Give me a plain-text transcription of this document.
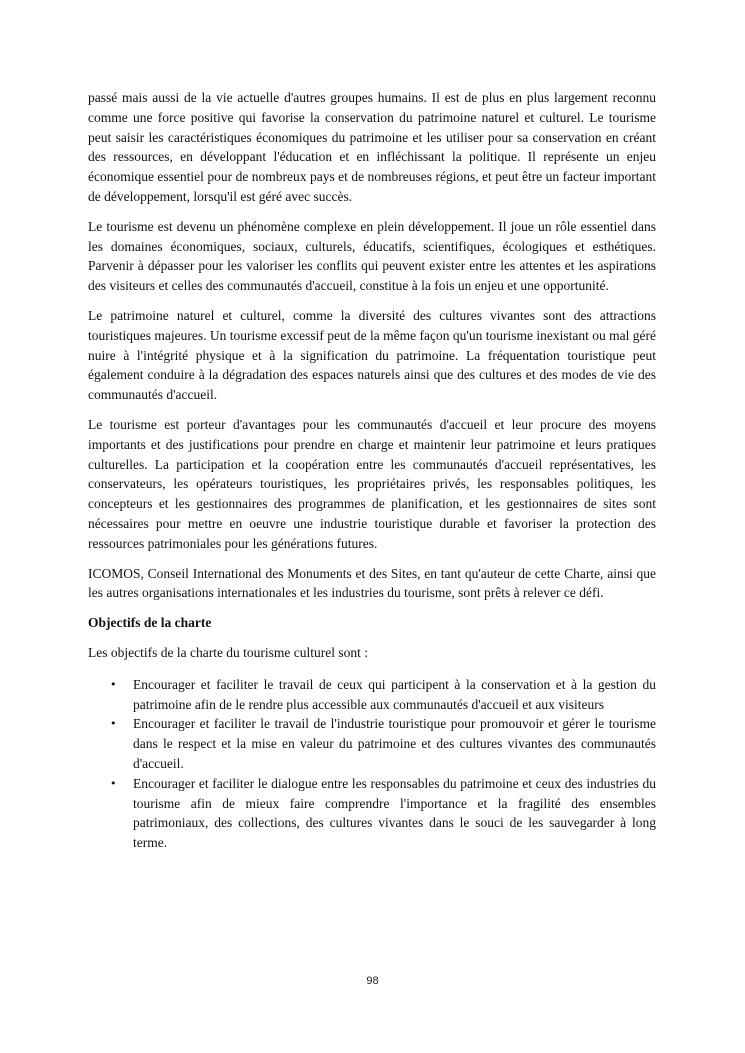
passé mais aussi de la vie actuelle d'autres groupes humains. Il est de plus en plus largement reconnu comme une force positive qui favorise la conservation du patrimoine naturel et culturel. Le tourisme peut saisir les caractéristiques économiques du patrimoine et les utiliser pour sa conservation en créant des ressources, en développant l'éducation et en infléchissant la politique. Il représente un enjeu économique essentiel pour de nombreux pays et de nombreuses régions, et peut être un facteur important de développement, lorsqu'il est géré avec succès.

Le tourisme est devenu un phénomène complexe en plein développement. Il joue un rôle essentiel dans les domaines économiques, sociaux, culturels, éducatifs, scientifiques, écologiques et esthétiques. Parvenir à dépasser pour les valoriser les conflits qui peuvent exister entre les attentes et les aspirations des visiteurs et celles des communautés d'accueil, constitue à la fois un enjeu et une opportunité.

Le patrimoine naturel et culturel, comme la diversité des cultures vivantes sont des attractions touristiques majeures. Un tourisme excessif peut de la même façon qu'un tourisme inexistant ou mal géré nuire à l'intégrité physique et à la signification du patrimoine. La fréquentation touristique peut également conduire à la dégradation des espaces naturels ainsi que des cultures et des modes de vie des communautés d'accueil.

Le tourisme est porteur d'avantages pour les communautés d'accueil et leur procure des moyens importants et des justifications pour prendre en charge et maintenir leur patrimoine et leurs pratiques culturelles. La participation et la coopération entre les communautés d'accueil représentatives, les conservateurs, les opérateurs touristiques, les propriétaires privés, les responsables politiques, les concepteurs et les gestionnaires des programmes de planification, et les gestionnaires de sites sont nécessaires pour mettre en oeuvre une industrie touristique durable et favoriser la protection des ressources patrimoniales pour les générations futures.

ICOMOS, Conseil International des Monuments et des Sites, en tant qu'auteur de cette Charte, ainsi que les autres organisations internationales et les industries du tourisme, sont prêts à relever ce défi.

Objectifs de la charte

Les objectifs de la charte du tourisme culturel sont :

• Encourager et faciliter le travail de ceux qui participent à la conservation et à la gestion du patrimoine afin de le rendre plus accessible aux communautés d'accueil et aux visiteurs
• Encourager et faciliter le travail de l'industrie touristique pour promouvoir et gérer le tourisme dans le respect et la mise en valeur du patrimoine et des cultures vivantes des communautés d'accueil.
• Encourager et faciliter le dialogue entre les responsables du patrimoine et ceux des industries du tourisme afin de mieux faire comprendre l'importance et la fragilité des ensembles patrimoniaux, des collections, des cultures vivantes dans le souci de les sauvegarder à long terme.
98
